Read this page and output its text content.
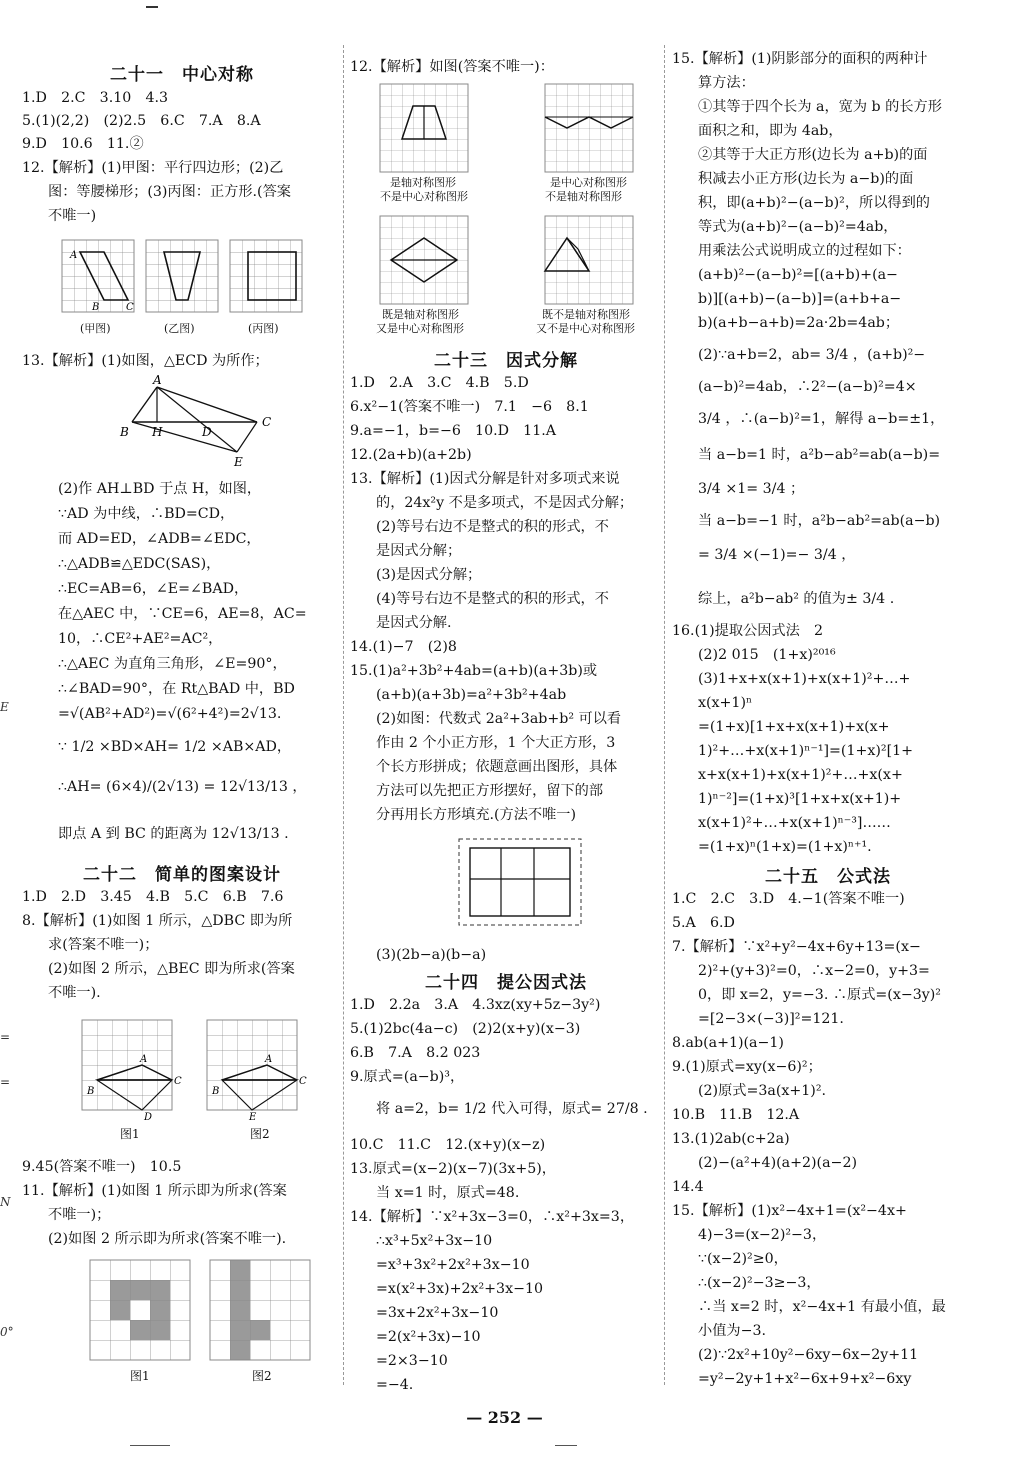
E
=
=
N
0°
二十一　中心对称
1.D　2.C　3.10　4.3
5.(1)(2,2)　(2)2.5　6.C　7.A　8.A
9.D　10.6　11.②
12.【解析】(1)甲图：平行四边形；(2)乙
图：等腰梯形；(3)丙图：正方形.(答案
不唯一)
A
B	C
(甲图)	(乙图)	(丙图)
13.【解析】(1)如图，△ECD 为所作；
A
B H	D
C
E
(2)作 AH⊥BD 于点 H，如图，
∵AD 为中线，∴BD=CD，
而 AD=ED，∠ADB=∠EDC，
∴△ADB≌△EDC(SAS)，
∴EC=AB=6，∠E=∠BAD，
在△AEC 中，∵CE=6，AE=8，AC=
10，∴CE²+AE²=AC²，
∴△AEC 为直角三角形，∠E=90°，
∴∠BAD=90°，在 Rt△BAD 中，BD
=√(AB²+AD²)=√(6²+4²)=2√13.
∵ 1/2 ×BD×AH= 1/2 ×AB×AD，
∴AH= (6×4)/(2√13) = 12√13/13 ，
即点 A 到 BC 的距离为 12√13/13 .
二十二　简单的图案设计
1.D　2.D　3.45　4.B　5.C　6.B　7.6
8.【解析】(1)如图 1 所示，△DBC 即为所
求(答案不唯一)；
(2)如图 2 所示，△BEC 即为所求(答案
不唯一).
A
B
C
D
A
B
C
E
图1	图2
9.45(答案不唯一)　10.5
11.【解析】(1)如图 1 所示即为所求(答案
不唯一)；
(2)如图 2 所示即为所求(答案不唯一).
图1	图2
12.【解析】如图(答案不唯一)：
是轴对称图形
不是中心对称图形
是中心对称图形
不是轴对称图形
既是轴对称图形
又是中心对称图形
既不是轴对称图形
又不是中心对称图形
二十三　因式分解
1.D　2.A　3.C　4.B　5.D
6.x²−1(答案不唯一)　7.1　−6　8.1
9.a=−1，b=−6　10.D　11.A
12.(2a+b)(a+2b)
13.【解析】(1)因式分解是针对多项式来说
的，24x²y 不是多项式，不是因式分解；
(2)等号右边不是整式的积的形式，不
是因式分解；
(3)是因式分解；
(4)等号右边不是整式的积的形式，不
是因式分解.
14.(1)−7　(2)8
15.(1)a²+3b²+4ab=(a+b)(a+3b)或
(a+b)(a+3b)=a²+3b²+4ab
(2)如图：代数式 2a²+3ab+b² 可以看
作由 2 个小正方形，1 个大正方形，3
个长方形拼成；依题意画出图形，具体
方法可以先把正方形摆好，留下的部
分再用长方形填充.(方法不唯一)
(3)(2b−a)(b−a)
二十四　提公因式法
1.D　2.2a　3.A　4.3xz(xy+5z−3y²)
5.(1)2bc(4a−c)　(2)2(x+y)(x−3)
6.B　7.A　8.2 023
9.原式=(a−b)³，
将 a=2，b= 1/2 代入可得，原式= 27/8 .
10.C　11.C　12.(x+y)(x−z)
13.原式=(x−2)(x−7)(3x+5)，
当 x=1 时，原式=48.
14.【解析】∵x²+3x−3=0，∴x²+3x=3，
∴x³+5x²+3x−10
=x³+3x²+2x²+3x−10
=x(x²+3x)+2x²+3x−10
=3x+2x²+3x−10
=2(x²+3x)−10
=2×3−10
=−4.
15.【解析】(1)阴影部分的面积的两种计
算方法：
①其等于四个长为 a，宽为 b 的长方形
面积之和，即为 4ab，
②其等于大正方形(边长为 a+b)的面
积减去小正方形(边长为 a−b)的面
积，即(a+b)²−(a−b)²，所以得到的
等式为(a+b)²−(a−b)²=4ab，
用乘法公式说明成立的过程如下：
(a+b)²−(a−b)²=[(a+b)+(a−
b)][(a+b)−(a−b)]=(a+b+a−
b)(a+b−a+b)=2a·2b=4ab；
(2)∵a+b=2，ab= 3/4 ，(a+b)²−
(a−b)²=4ab，∴2²−(a−b)²=4×
3/4 ，∴(a−b)²=1，解得 a−b=±1，
当 a−b=1 时，a²b−ab²=ab(a−b)=
3/4 ×1= 3/4 ；
当 a−b=−1 时，a²b−ab²=ab(a−b)
= 3/4 ×(−1)=− 3/4 ，
综上，a²b−ab² 的值为± 3/4 .
16.(1)提取公因式法　2
(2)2 015　(1+x)²⁰¹⁶
(3)1+x+x(x+1)+x(x+1)²+…+
x(x+1)ⁿ
=(1+x)[1+x+x(x+1)+x(x+
1)²+…+x(x+1)ⁿ⁻¹]=(1+x)²[1+
x+x(x+1)+x(x+1)²+…+x(x+
1)ⁿ⁻²]=(1+x)³[1+x+x(x+1)+
x(x+1)²+…+x(x+1)ⁿ⁻³]……
=(1+x)ⁿ(1+x)=(1+x)ⁿ⁺¹.
二十五　公式法
1.C　2.C　3.D　4.−1(答案不唯一)
5.A　6.D
7.【解析】∵x²+y²−4x+6y+13=(x−
2)²+(y+3)²=0，∴x−2=0，y+3=
0，即 x=2，y=−3. ∴原式=(x−3y)²
=[2−3×(−3)]²=121.
8.ab(a+1)(a−1)
9.(1)原式=xy(x−6)²；
(2)原式=3a(x+1)².
10.B　11.B　12.A
13.(1)2ab(c+2a)
(2)−(a²+4)(a+2)(a−2)
14.4
15.【解析】(1)x²−4x+1=(x²−4x+
4)−3=(x−2)²−3，
∵(x−2)²≥0，
∴(x−2)²−3≥−3，
∴当 x=2 时，x²−4x+1 有最小值，最
小值为−3.
(2)∵2x²+10y²−6xy−6x−2y+11
=y²−2y+1+x²−6x+9+x²−6xy
— 252 —
